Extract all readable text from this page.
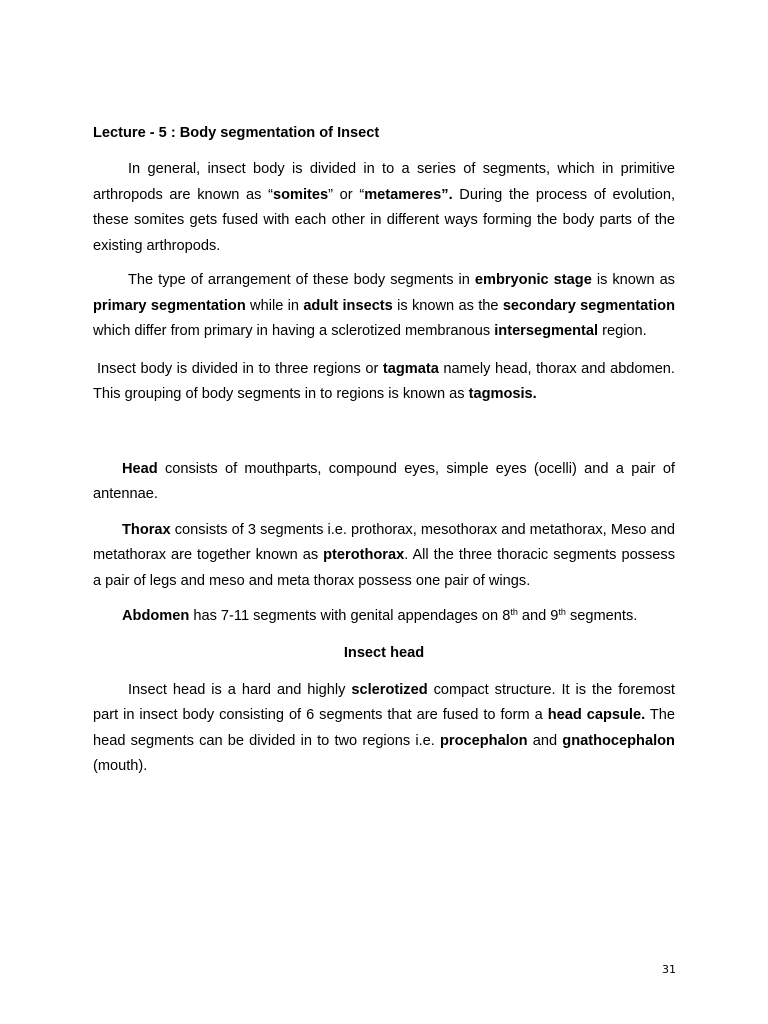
Lecture - 5 : Body segmentation of Insect

In general, insect body is divided in to a series of segments, which in primitive arthropods are known as “somites” or “metameres”. During the process of evolution, these somites gets fused with each other in different ways forming the body parts of the existing arthropods.

The type of arrangement of these body segments in embryonic stage is known as primary segmentation while in adult insects is known as the secondary segmentation which differ from primary in having a sclerotized membranous intersegmental region.

Insect body is divided in to three regions or tagmata namely head, thorax and abdomen. This grouping of body segments in to regions is known as tagmosis.

Head consists of mouthparts, compound eyes, simple eyes (ocelli) and a pair of antennae.

Thorax consists of 3 segments i.e. prothorax, mesothorax and metathorax, Meso and metathorax are together known as pterothorax. All the three thoracic segments possess a pair of legs and meso and meta thorax possess one pair of wings.

Abdomen has 7-11 segments with genital appendages on 8th and 9th segments.

Insect head

Insect head is a hard and highly sclerotized compact structure. It is the foremost part in insect body consisting of 6 segments that are fused to form a head capsule. The head segments can be divided in to two regions i.e. procephalon and gnathocephalon (mouth).

31
